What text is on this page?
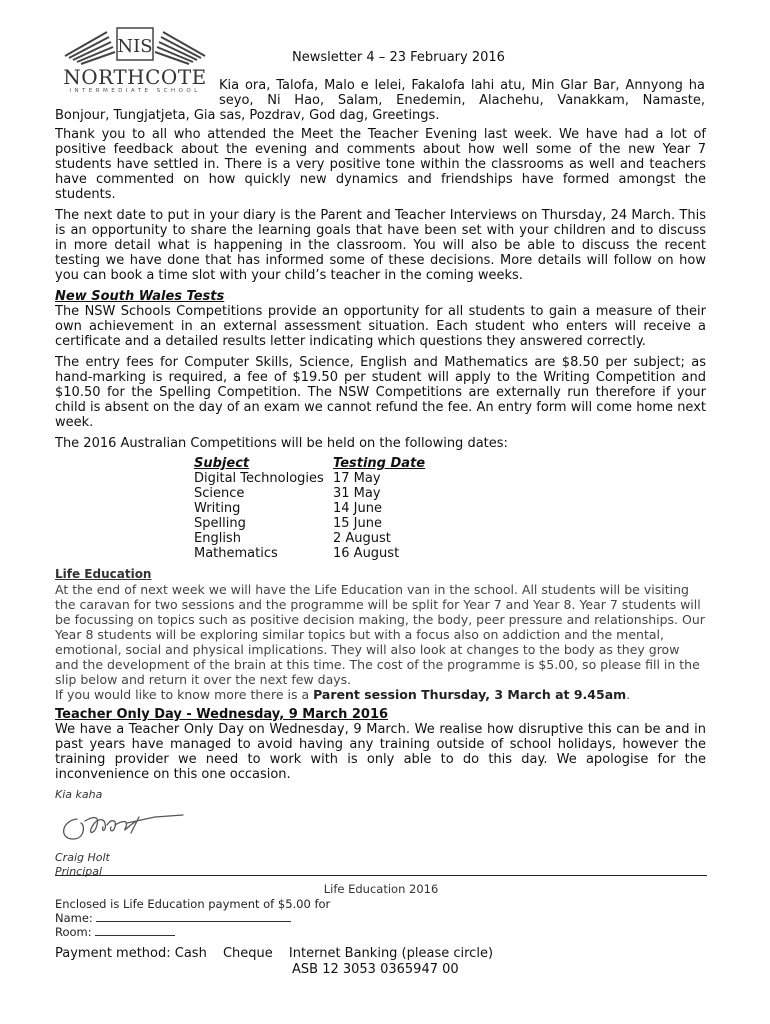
NIS
NORTHCOTE
INTERMEDIATE SCHOOL
Newsletter 4 – 23 February 2016
Kia ora, Talofa, Malo e lelei, Fakalofa lahi atu, Min Glar Bar, Annyong ha seyo, Ni Hao, Salam, Enedemin, Alachehu, Vanakkam, Namaste,
Bonjour, Tungjatjeta, Gia sas, Pozdrav, God dag, Greetings.

Thank you to all who attended the Meet the Teacher Evening last week. We have had a lot of positive feedback about the evening and comments about how well some of the new Year 7 students have settled in. There is a very positive tone within the classrooms as well and teachers have commented on how quickly new dynamics and friendships have formed amongst the students.

The next date to put in your diary is the Parent and Teacher Interviews on Thursday, 24 March. This is an opportunity to share the learning goals that have been set with your children and to discuss in more detail what is happening in the classroom. You will also be able to discuss the recent testing we have done that has informed some of these decisions. More details will follow on how you can book a time slot with your child’s teacher in the coming weeks.

New South Wales Tests

The NSW Schools Competitions provide an opportunity for all students to gain a measure of their own achievement in an external assessment situation. Each student who enters will receive a certificate and a detailed results letter indicating which questions they answered correctly.

The entry fees for Computer Skills, Science, English and Mathematics are $8.50 per subject; as hand-marking is required, a fee of $19.50 per student will apply to the Writing Competition and $10.50 for the Spelling Competition. The NSW Competitions are externally run therefore if your child is absent on the day of an exam we cannot refund the fee. An entry form will come home next week.

The 2016 Australian Competitions will be held on the following dates:

Subject	Testing Date
Digital Technologies	17 May
Science	31 May
Writing	14 June
Spelling	15 June
English	2 August
Mathematics	16 August
Life Education

At the end of next week we will have the Life Education van in the school. All students will be visiting the caravan for two sessions and the programme will be split for Year 7 and Year 8. Year 7 students will be focussing on topics such as positive decision making, the body, peer pressure and relationships. Our Year 8 students will be exploring similar topics but with a focus also on addiction and the mental, emotional, social and physical implications. They will also look at changes to the body as they grow and the development of the brain at this time. The cost of the programme is $5.00, so please fill in the slip below and return it over the next few days.

If you would like to know more there is a Parent session Thursday, 3 March at 9.45am.

Teacher Only Day - Wednesday, 9 March 2016

We have a Teacher Only Day on Wednesday, 9 March. We realise how disruptive this can be and in past years have managed to avoid having any training outside of school holidays, however the training provider we need to work with is only able to do this day. We apologise for the inconvenience on this one occasion.

Kia kaha
Craig Holt
Principal
Life Education 2016
Enclosed is Life Education payment of $5.00 for
Name:
Room:
Payment method: Cash Cheque Internet Banking (please circle)
ASB 12 3053 0365947 00
